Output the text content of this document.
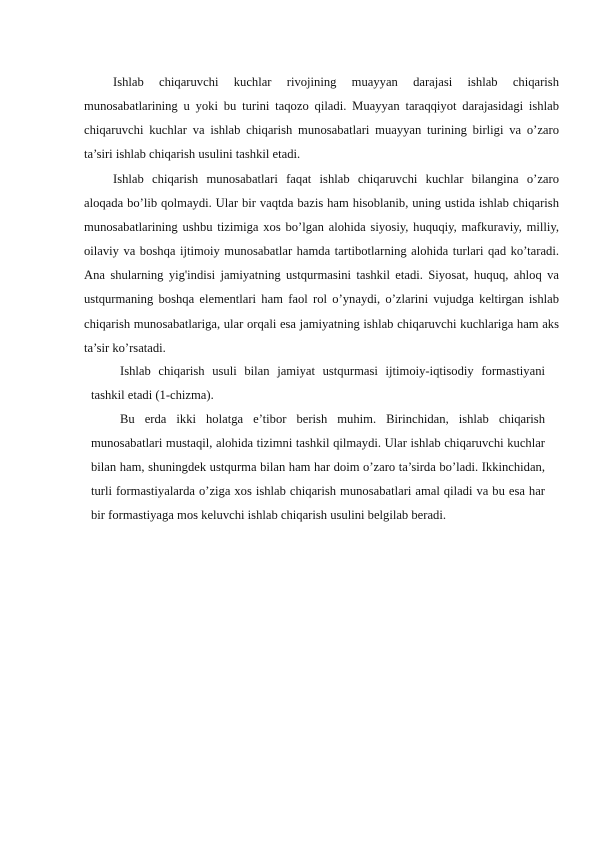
Ishlab chiqaruvchi kuchlar rivojining muayyan darajasi ishlab chiqarish munosabatlarining u yoki bu turini taqozo qiladi. Muayyan taraqqiyot darajasidagi ishlab chiqaruvchi kuchlar va ishlab chiqarish munosabatlari muayyan turining birligi va o’zaro ta’siri ishlab chiqarish usulini tashkil etadi.

Ishlab chiqarish munosabatlari faqat ishlab chiqaruvchi kuchlar bilangina o’zaro aloqada bo’lib qolmaydi. Ular bir vaqtda bazis ham hisoblanib, uning ustida ishlab chiqarish munosabatlarining ushbu tizimiga xos bo’lgan alohida siyosiy, huquqiy, mafkuraviy, milliy, oilaviy va boshqa ijtimoiy munosabatlar hamda tartibotlarning alohida turlari qad ko’taradi. Ana shularning yig'indisi jamiyatning ustqurmasini tashkil etadi. Siyosat, huquq, ahloq va ustqurmaning boshqa elementlari ham faol rol o’ynaydi, o’zlarini vujudga keltirgan ishlab chiqarish munosabatlariga, ular orqali esa jamiyatning ishlab chiqaruvchi kuchlariga ham aks ta’sir ko’rsatadi.

Ishlab chiqarish usuli bilan jamiyat ustqurmasi ijtimoiy-iqtisodiy formastiyani tashkil etadi (1-chizma).

Bu erda ikki holatga e’tibor berish muhim. Birinchidan, ishlab chiqarish munosabatlari mustaqil, alohida tizimni tashkil qilmaydi. Ular ishlab chiqaruvchi kuchlar bilan ham, shuningdek ustqurma bilan ham har doim o’zaro ta’sirda bo’ladi. Ikkinchidan, turli formastiyalarda o’ziga xos ishlab chiqarish munosabatlari amal qiladi va bu esa har bir formastiyaga mos keluvchi ishlab chiqarish usulini belgilab beradi.
